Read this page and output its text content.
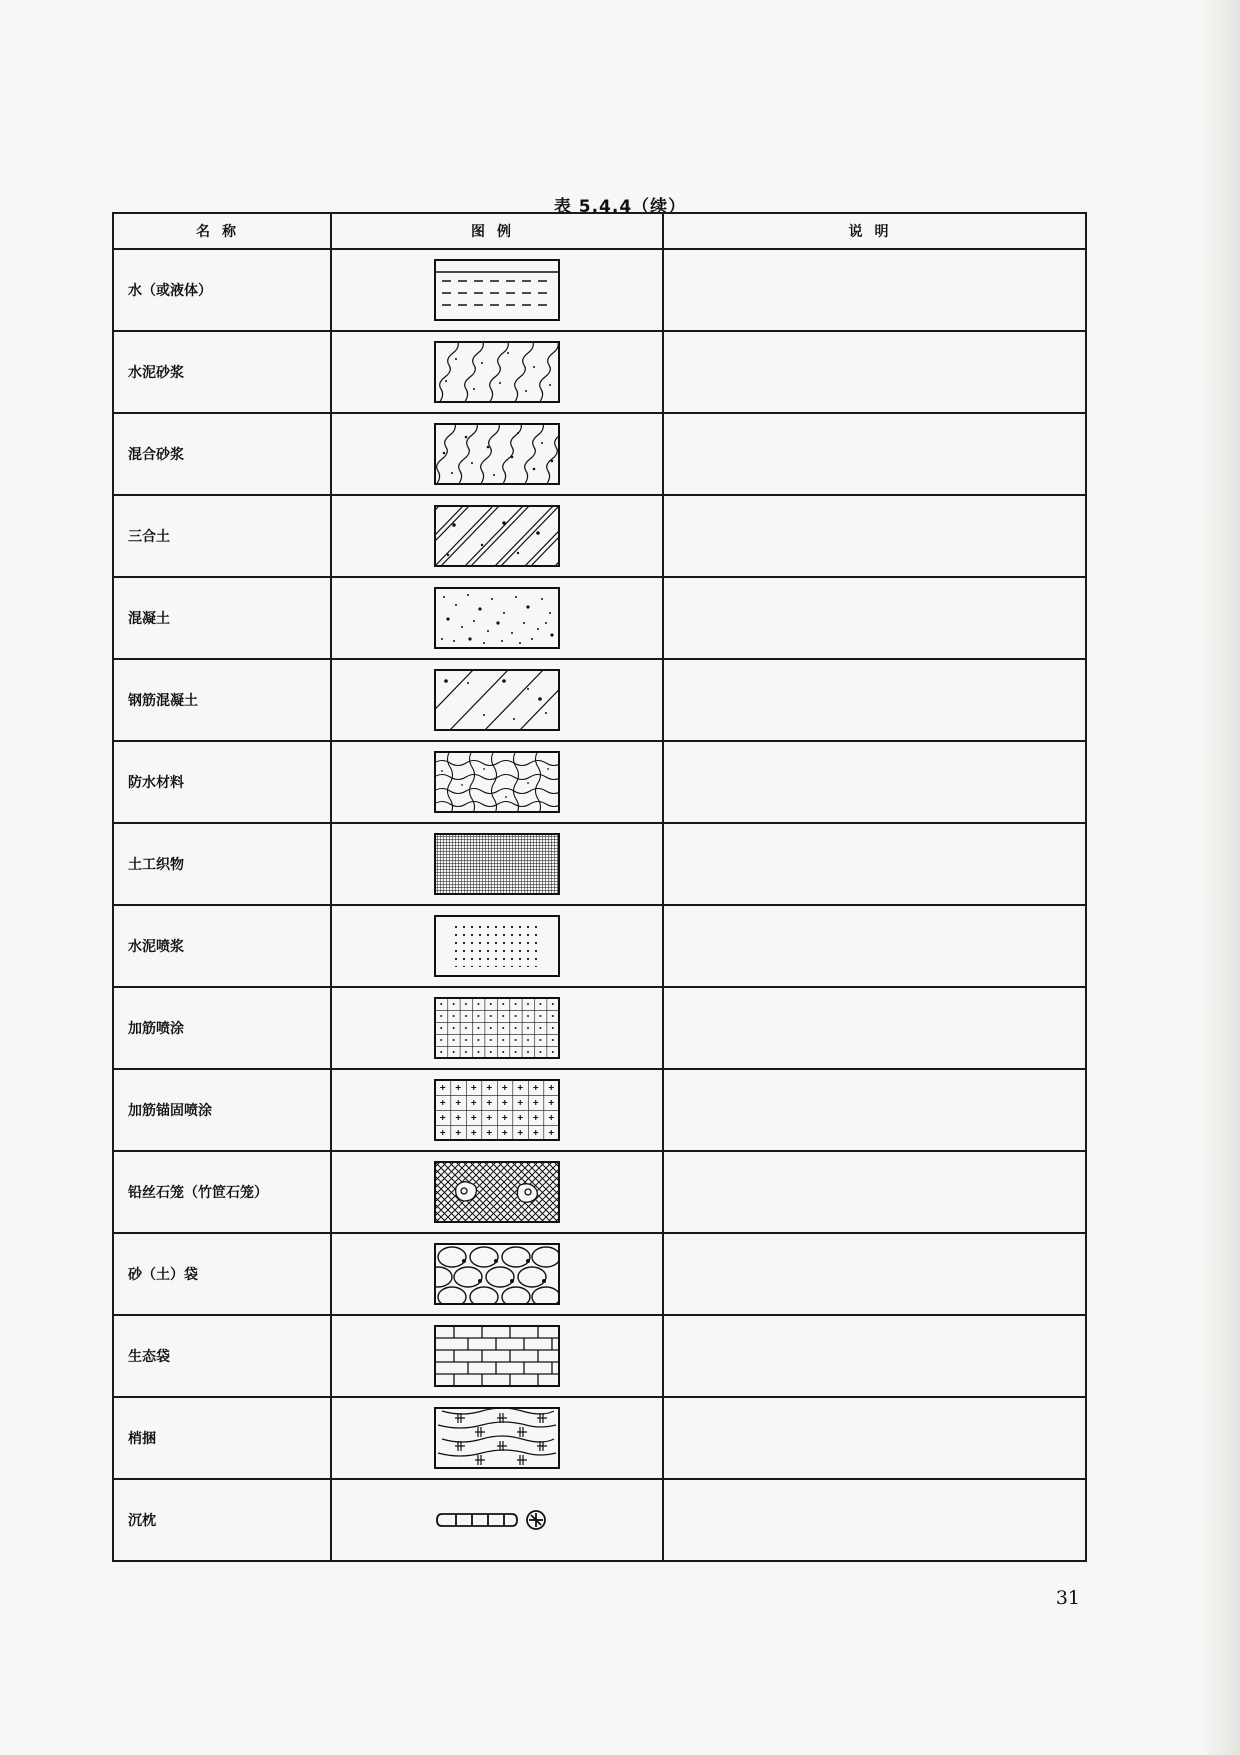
表 5.4.4（续）
名称	图例	说明
水（或液体）		
水泥砂浆		
混合砂浆		
三合土		
混凝土		
钢筋混凝土		
防水材料		
土工织物		
水泥喷浆		
加筋喷涂		
加筋锚固喷涂		
铅丝石笼（竹笸石笼）		
砂（土）袋		
生态袋		
梢捆		
沉枕		
31
